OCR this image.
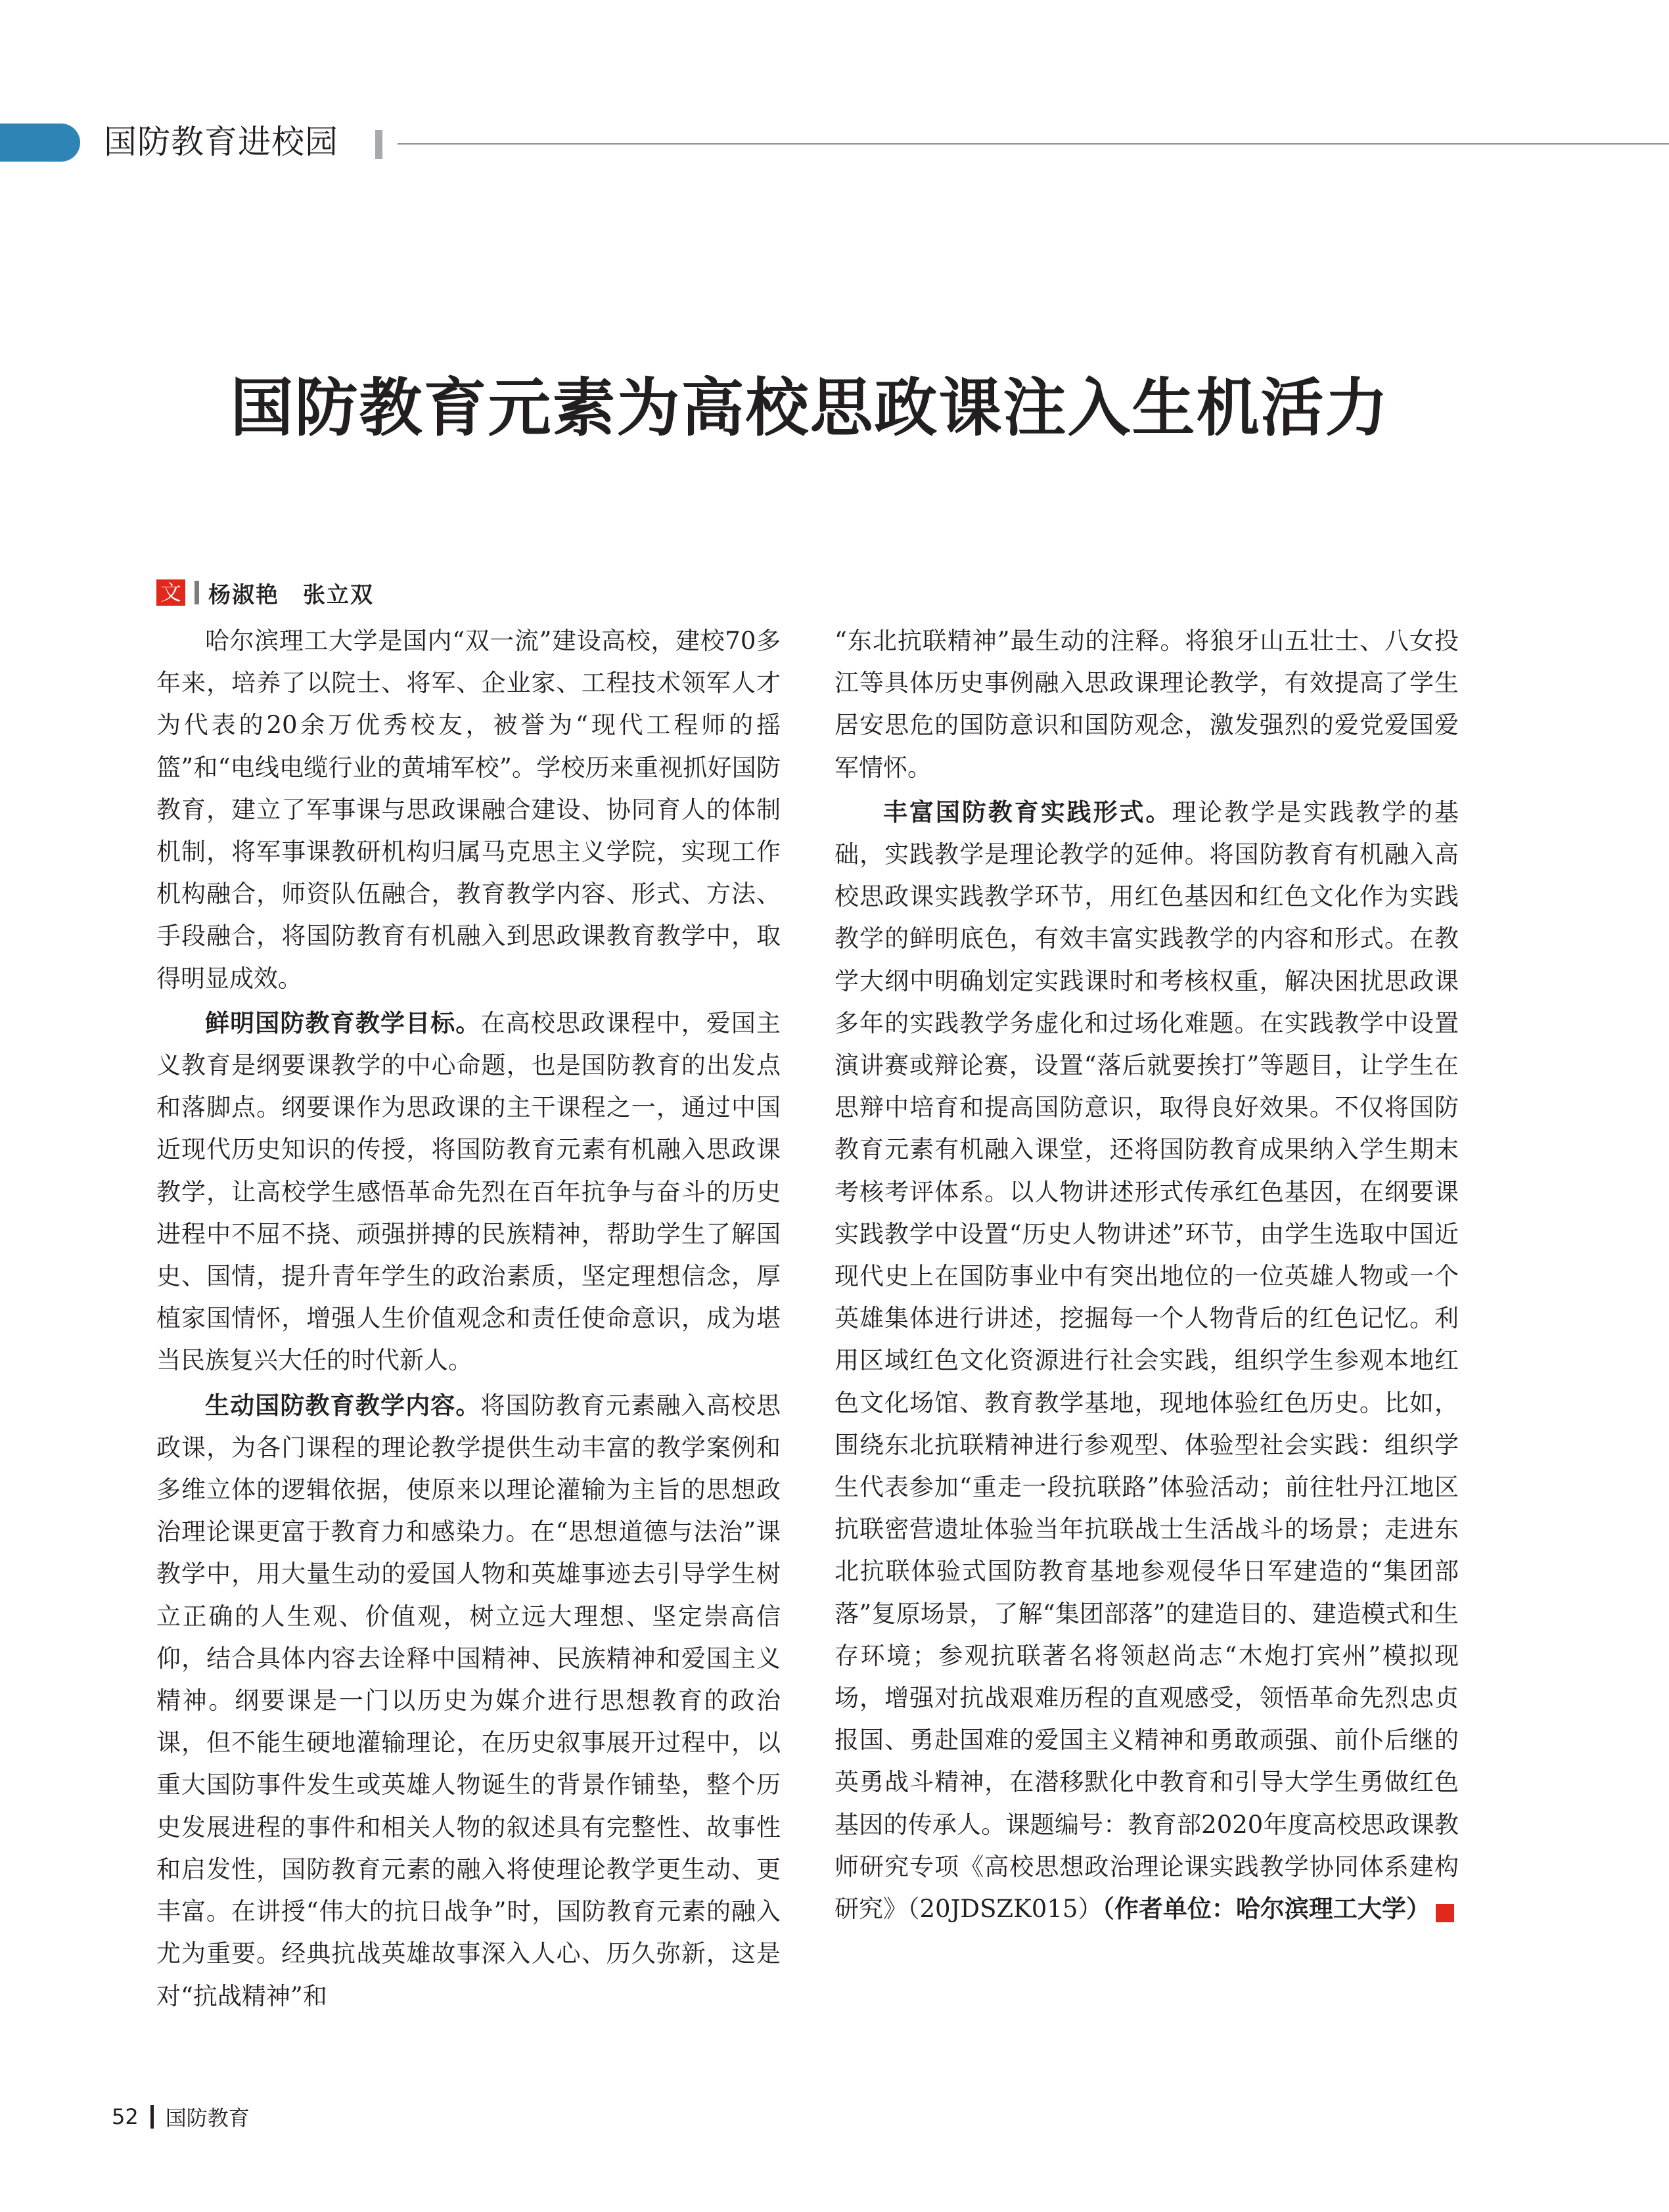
国防教育进校园
国防教育元素为高校思政课注入生机活力
文 杨淑艳　张立双

哈尔滨理工大学是国内“双一流”建设高校，建校70多年来，培养了以院士、将军、企业家、工程技术领军人才为代表的20余万优秀校友，被誉为“现代工程师的摇篮”和“电线电缆行业的黄埔军校”。学校历来重视抓好国防教育，建立了军事课与思政课融合建设、协同育人的体制机制，将军事课教研机构归属马克思主义学院，实现工作机构融合，师资队伍融合，教育教学内容、形式、方法、手段融合，将国防教育有机融入到思政课教育教学中，取得明显成效。

鲜明国防教育教学目标。在高校思政课程中，爱国主义教育是纲要课教学的中心命题，也是国防教育的出发点和落脚点。纲要课作为思政课的主干课程之一，通过中国近现代历史知识的传授，将国防教育元素有机融入思政课教学，让高校学生感悟革命先烈在百年抗争与奋斗的历史进程中不屈不挠、顽强拼搏的民族精神，帮助学生了解国史、国情，提升青年学生的政治素质，坚定理想信念，厚植家国情怀，增强人生价值观念和责任使命意识，成为堪当民族复兴大任的时代新人。

生动国防教育教学内容。将国防教育元素融入高校思政课，为各门课程的理论教学提供生动丰富的教学案例和多维立体的逻辑依据，使原来以理论灌输为主旨的思想政治理论课更富于教育力和感染力。在“思想道德与法治”课教学中，用大量生动的爱国人物和英雄事迹去引导学生树立正确的人生观、价值观，树立远大理想、坚定崇高信仰，结合具体内容去诠释中国精神、民族精神和爱国主义精神。纲要课是一门以历史为媒介进行思想教育的政治课，但不能生硬地灌输理论，在历史叙事展开过程中，以重大国防事件发生或英雄人物诞生的背景作铺垫，整个历史发展进程的事件和相关人物的叙述具有完整性、故事性和启发性，国防教育元素的融入将使理论教学更生动、更丰富。在讲授“伟大的抗日战争”时，国防教育元素的融入尤为重要。经典抗战英雄故事深入人心、历久弥新，这是对“抗战精神”和

“东北抗联精神”最生动的注释。将狼牙山五壮士、八女投江等具体历史事例融入思政课理论教学，有效提高了学生居安思危的国防意识和国防观念，激发强烈的爱党爱国爱军情怀。

丰富国防教育实践形式。理论教学是实践教学的基础，实践教学是理论教学的延伸。将国防教育有机融入高校思政课实践教学环节，用红色基因和红色文化作为实践教学的鲜明底色，有效丰富实践教学的内容和形式。在教学大纲中明确划定实践课时和考核权重，解决困扰思政课多年的实践教学务虚化和过场化难题。在实践教学中设置演讲赛或辩论赛，设置“落后就要挨打”等题目，让学生在思辩中培育和提高国防意识，取得良好效果。不仅将国防教育元素有机融入课堂，还将国防教育成果纳入学生期末考核考评体系。以人物讲述形式传承红色基因，在纲要课实践教学中设置“历史人物讲述”环节，由学生选取中国近现代史上在国防事业中有突出地位的一位英雄人物或一个英雄集体进行讲述，挖掘每一个人物背后的红色记忆。利用区域红色文化资源进行社会实践，组织学生参观本地红色文化场馆、教育教学基地，现地体验红色历史。比如，围绕东北抗联精神进行参观型、体验型社会实践：组织学生代表参加“重走一段抗联路”体验活动；前往牡丹江地区抗联密营遗址体验当年抗联战士生活战斗的场景；走进东北抗联体验式国防教育基地参观侵华日军建造的“集团部落”复原场景，了解“集团部落”的建造目的、建造模式和生存环境；参观抗联著名将领赵尚志“木炮打宾州”模拟现场，增强对抗战艰难历程的直观感受，领悟革命先烈忠贞报国、勇赴国难的爱国主义精神和勇敢顽强、前仆后继的英勇战斗精神，在潜移默化中教育和引导大学生勇做红色基因的传承人。课题编号：教育部2020年度高校思政课教师研究专项《高校思想政治理论课实践教学协同体系建构研究》（20JDSZK015）（作者单位：哈尔滨理工大学）	G

52 国防教育
